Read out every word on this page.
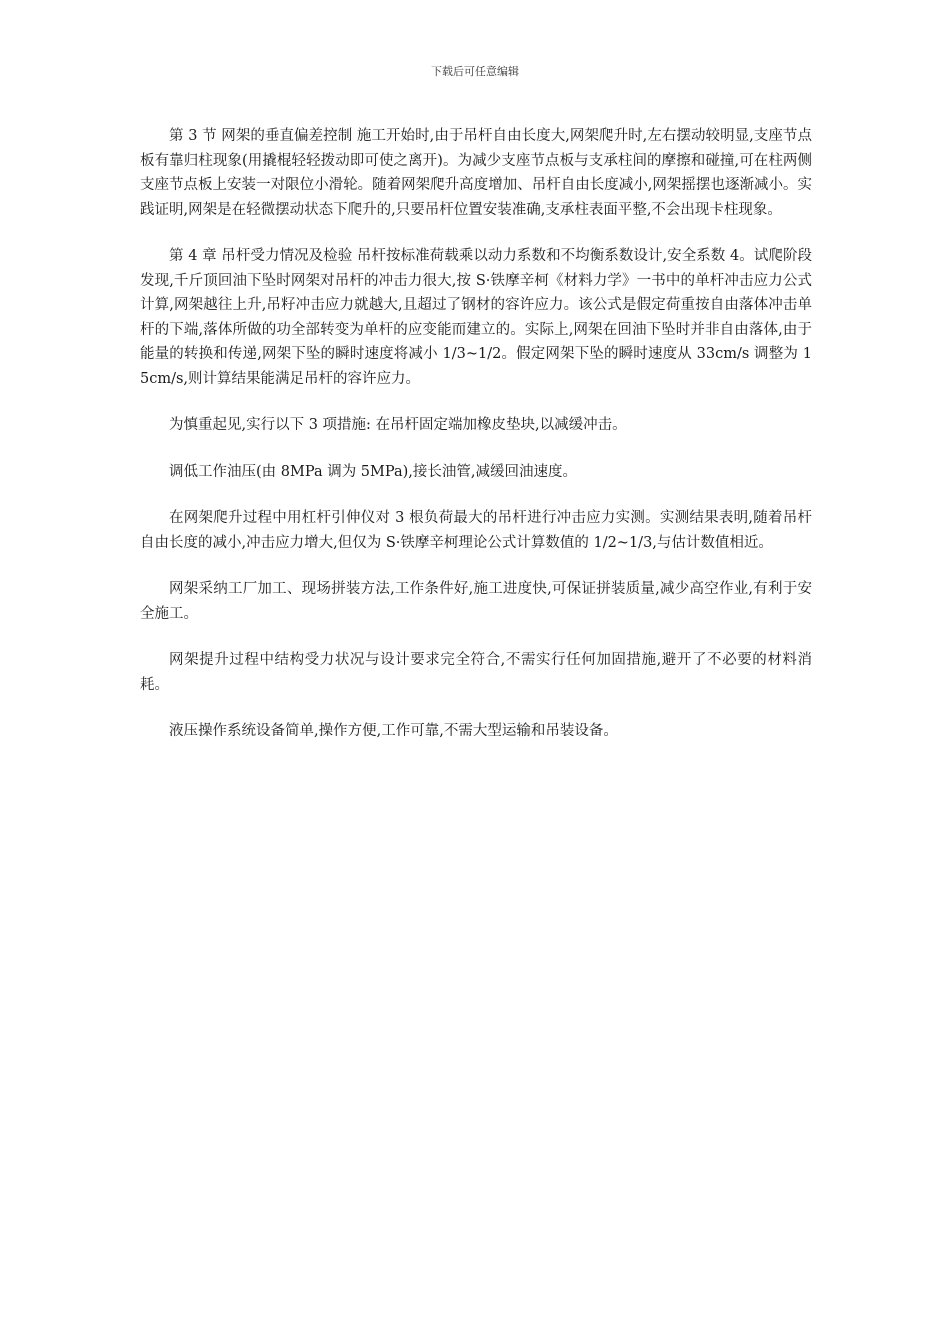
下载后可任意编辑

第 3 节 网架的垂直偏差控制 施工开始时,由于吊杆自由长度大,网架爬升时,左右摆动较明显,支座节点板有靠归柱现象(用撬棍轻轻拨动即可使之离开)。为减少支座节点板与支承柱间的摩擦和碰撞,可在柱两侧支座节点板上安装一对限位小滑轮。随着网架爬升高度增加、吊杆自由长度减小,网架摇摆也逐渐减小。实践证明,网架是在轻微摆动状态下爬升的,只要吊杆位置安装准确,支承柱表面平整,不会出现卡柱现象。

第 4 章 吊杆受力情况及检验 吊杆按标准荷载乘以动力系数和不均衡系数设计,安全系数 4。试爬阶段发现,千斤顶回油下坠时网架对吊杆的冲击力很大,按 S·铁摩辛柯《材料力学》一书中的单杆冲击应力公式计算,网架越往上升,吊籽冲击应力就越大,且超过了钢材的容许应力。该公式是假定荷重按自由落体冲击单杆的下端,落体所做的功全部转变为单杆的应变能而建立的。实际上,网架在回油下坠时并非自由落体,由于能量的转换和传递,网架下坠的瞬时速度将减小 1/3~1/2。假定网架下坠的瞬时速度从 33cm/s 调整为 15cm/s,则计算结果能满足吊杆的容许应力。

为慎重起见,实行以下 3 项措施: 在吊杆固定端加橡皮垫块,以减缓冲击。

调低工作油压(由 8MPa 调为 5MPa),接长油管,减缓回油速度。

在网架爬升过程中用杠杆引伸仪对 3 根负荷最大的吊杆进行冲击应力实测。实测结果表明,随着吊杆自由长度的减小,冲击应力增大,但仅为 S·铁摩辛柯理论公式计算数值的 1/2~1/3,与估计数值相近。

网架采纳工厂加工、现场拼装方法,工作条件好,施工进度快,可保证拼装质量,减少高空作业,有利于安全施工。

网架提升过程中结构受力状况与设计要求完全符合,不需实行任何加固措施,避开了不必要的材料消耗。

液压操作系统设备简单,操作方便,工作可靠,不需大型运输和吊装设备。
